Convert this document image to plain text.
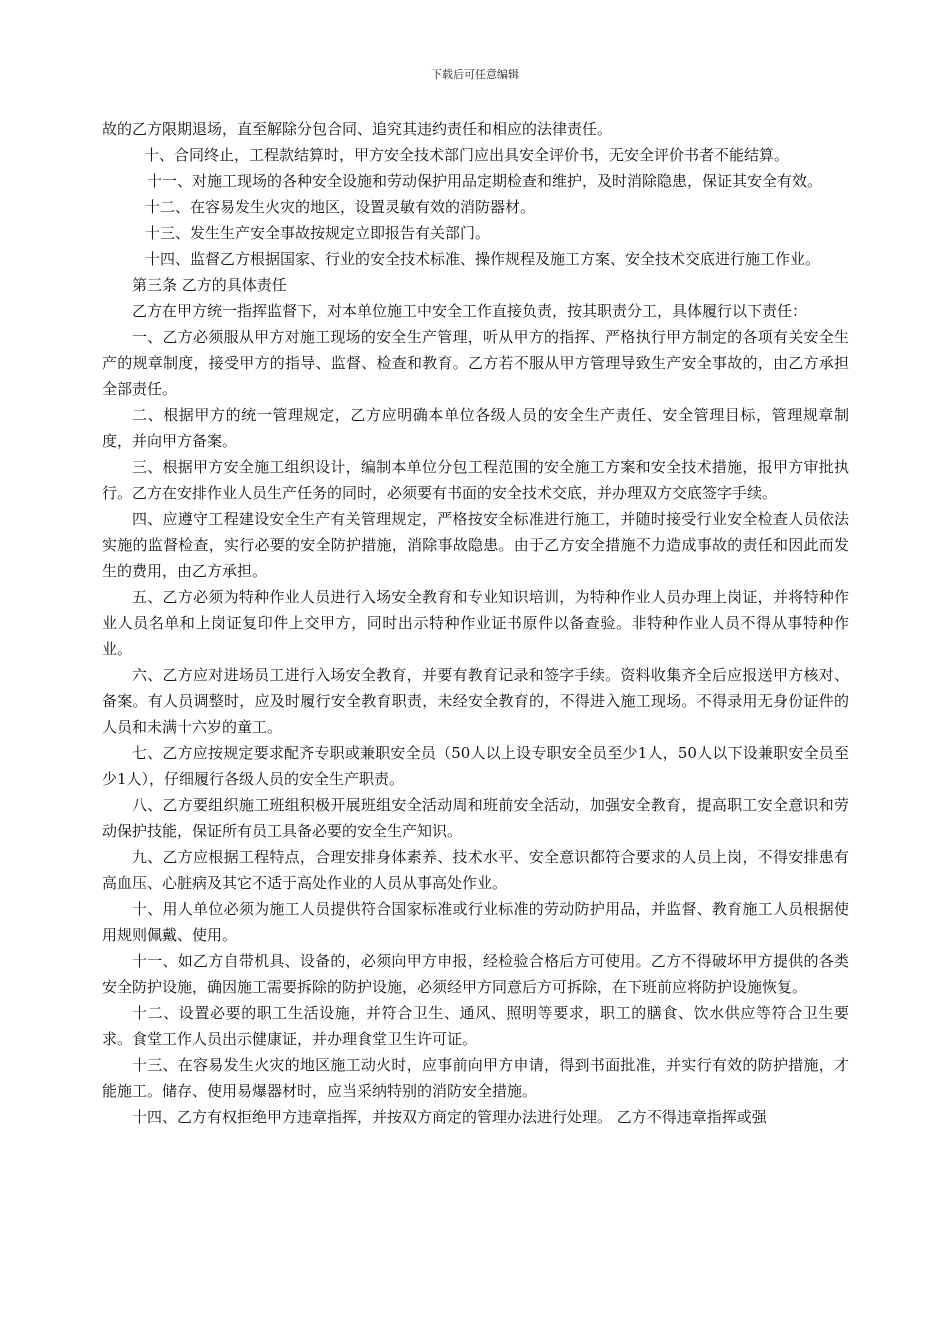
下载后可任意编辑

故的乙方限期退场，直至解除分包合同、追究其违约责任和相应的法律责任。

十、合同终止，工程款结算时，甲方安全技术部门应出具安全评价书，无安全评价书者不能结算。

十一、对施工现场的各种安全设施和劳动保护用品定期检查和维护，及时消除隐患，保证其安全有效。

十二、在容易发生火灾的地区，设置灵敏有效的消防器材。

十三、发生生产安全事故按规定立即报告有关部门。

十四、监督乙方根据国家、行业的安全技术标准、操作规程及施工方案、安全技术交底进行施工作业。

第三条 乙方的具体责任

乙方在甲方统一指挥监督下，对本单位施工中安全工作直接负责，按其职责分工，具体履行以下责任：

一、乙方必须服从甲方对施工现场的安全生产管理，听从甲方的指挥、严格执行甲方制定的各项有关安全生产的规章制度，接受甲方的指导、监督、检查和教育。乙方若不服从甲方管理导致生产安全事故的，由乙方承担全部责任。

二、根据甲方的统一管理规定，乙方应明确本单位各级人员的安全生产责任、安全管理目标，管理规章制度，并向甲方备案。

三、根据甲方安全施工组织设计，编制本单位分包工程范围的安全施工方案和安全技术措施，报甲方审批执行。乙方在安排作业人员生产任务的同时，必须要有书面的安全技术交底，并办理双方交底签字手续。

四、应遵守工程建设安全生产有关管理规定，严格按安全标准进行施工，并随时接受行业安全检查人员依法实施的监督检查，实行必要的安全防护措施，消除事故隐患。由于乙方安全措施不力造成事故的责任和因此而发生的费用，由乙方承担。

五、乙方必须为特种作业人员进行入场安全教育和专业知识培训，为特种作业人员办理上岗证，并将特种作业人员名单和上岗证复印件上交甲方，同时出示特种作业证书原件以备查验。非特种作业人员不得从事特种作业。

六、乙方应对进场员工进行入场安全教育，并要有教育记录和签字手续。资料收集齐全后应报送甲方核对、备案。有人员调整时，应及时履行安全教育职责，未经安全教育的，不得进入施工现场。不得录用无身份证件的人员和未满十六岁的童工。

七、乙方应按规定要求配齐专职或兼职安全员（50人以上设专职安全员至少1人，50人以下设兼职安全员至少1人），仔细履行各级人员的安全生产职责。

八、乙方要组织施工班组积极开展班组安全活动周和班前安全活动，加强安全教育，提高职工安全意识和劳动保护技能，保证所有员工具备必要的安全生产知识。

九、乙方应根据工程特点，合理安排身体素养、技术水平、安全意识都符合要求的人员上岗，不得安排患有高血压、心脏病及其它不适于高处作业的人员从事高处作业。

十、用人单位必须为施工人员提供符合国家标准或行业标准的劳动防护用品，并监督、教育施工人员根据使用规则佩戴、使用。

十一、如乙方自带机具、设备的，必须向甲方申报，经检验合格后方可使用。乙方不得破坏甲方提供的各类安全防护设施，确因施工需要拆除的防护设施，必须经甲方同意后方可拆除，在下班前应将防护设施恢复。

十二、设置必要的职工生活设施，并符合卫生、通风、照明等要求，职工的膳食、饮水供应等符合卫生要求。食堂工作人员出示健康证，并办理食堂卫生许可证。

十三、在容易发生火灾的地区施工动火时，应事前向甲方申请，得到书面批准，并实行有效的防护措施，才能施工。储存、使用易爆器材时，应当采纳特别的消防安全措施。

十四、乙方有权拒绝甲方违章指挥，并按双方商定的管理办法进行处理。 乙方不得违章指挥或强
